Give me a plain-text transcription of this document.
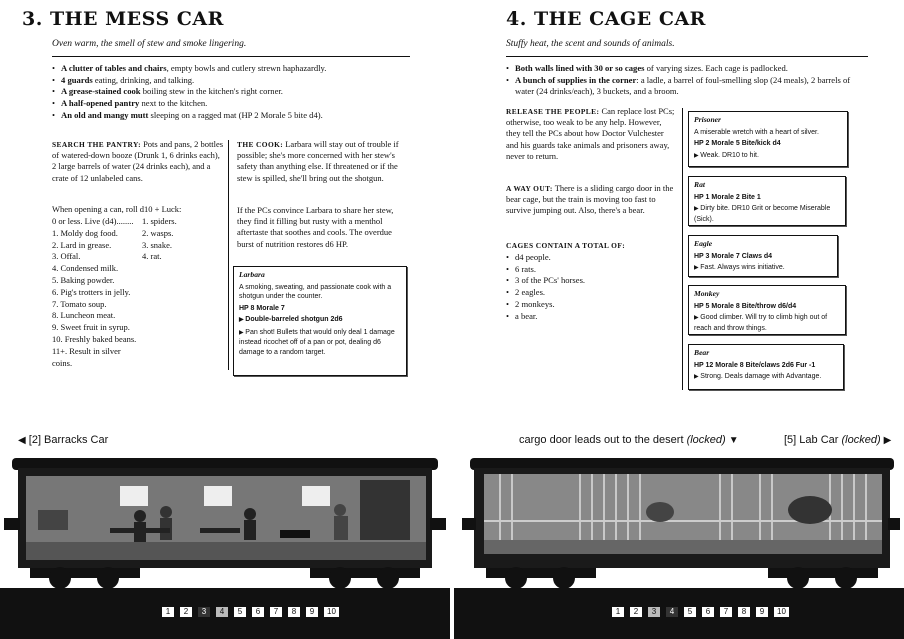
3. THE MESS CAR
Oven warm, the smell of stew and smoke lingering.
• A clutter of tables and chairs, empty bowls and cutlery strewn haphazardly.
• 4 guards eating, drinking, and talking.
• A grease-stained cook boiling stew in the kitchen's right corner.
• A half-opened pantry next to the kitchen.
• An old and mangy mutt sleeping on a ragged mat (HP 2 Morale 5 bite d4).
SEARCH THE PANTRY: Pots and pans, 2 bottles of watered-down booze (Drunk 1, 6 drinks each), 2 large barrels of water (24 drinks each), and a crate of 12 unlabeled cans.
When opening a can, roll d10 + Luck:
0 or less. Live (d4)........	1. spiders.
1. Moldy dog food.	2. wasps.
2. Lard in grease.	3. snake.
3. Offal.	4. rat.
4. Condensed milk.
5. Baking powder.
6. Pig's trotters in jelly.
7. Tomato soup.
8. Luncheon meat.
9. Sweet fruit in syrup.
10. Freshly baked beans.
11+. Result in silver coins.
THE COOK: Larbara will stay out of trouble if possible; she's more concerned with her stew's safety than anything else. If threatened or if the stew is spilled, she'll bring out the shotgun.
If the PCs convince Larbara to share her stew, they find it filling but rusty with a menthol aftertaste that soothes and cools. The overdue burst of nutrition restores d6 HP.
Larbara
A smoking, sweating, and passionate cook with a shotgun under the counter.
HP 8 Morale 7
▶ Double-barreled shotgun 2d6
▶ Pan shot! Bullets that would only deal 1 damage instead ricochet off of a pan or pot, dealing d6 damage to a random target.
4. THE CAGE CAR
Stuffy heat, the scent and sounds of animals.
• Both walls lined with 30 or so cages of varying sizes. Each cage is padlocked.
• A bunch of supplies in the corner: a ladle, a barrel of foul-smelling slop (24 meals), 2 barrels of water (24 drinks/each), 3 buckets, and a broom.
RELEASE THE PEOPLE: Can replace lost PCs; otherwise, too weak to be any help. However, they tell the PCs about how Doctor Vulchester and his guards take animals and prisoners away, never to return.
A WAY OUT: There is a sliding cargo door in the bear cage, but the train is moving too fast to survive jumping out. Also, there's a bear.
CAGES CONTAIN A TOTAL OF:
• d4 people.
• 6 rats.
• 3 of the PCs' horses.
• 2 eagles.
• 2 monkeys.
• a bear.
Prisoner
A miserable wretch with a heart of silver.
HP 2 Morale 5 Bite/kick d4
▶ Weak. DR10 to hit.
Rat
HP 1 Morale 2 Bite 1
▶ Dirty bite. DR10 Grit or become Miserable (Sick).
Eagle
HP 3 Morale 7 Claws d4
▶ Fast. Always wins initiative.
Monkey
HP 5 Morale 8 Bite/throw d6/d4
▶ Good climber. Will try to climb high out of reach and throw things.
Bear
HP 12 Morale 8 Bite/claws 2d6 Fur -1
▶ Strong. Deals damage with Advantage.
◀ [2] Barracks Car	cargo door leads out to the desert (locked) ▼	[5] Lab Car (locked) ▶
1	2	3	4	5	6	7	8	9	10	1	2	3	4	5	6	7	8	9	10
